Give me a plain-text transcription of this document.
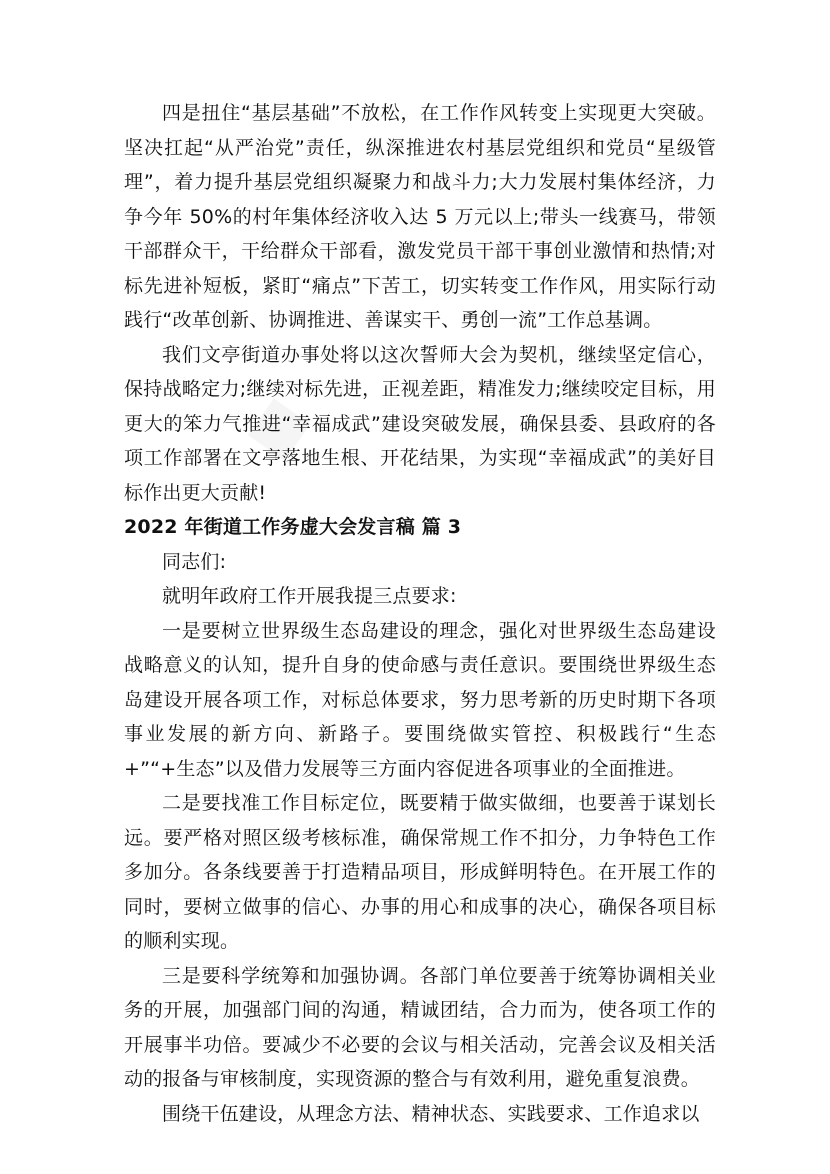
▪

四是扭住“基层基础”不放松，在工作作风转变上实现更大突破。坚决扛起“从严治党”责任，纵深推进农村基层党组织和党员“星级管理”，着力提升基层党组织凝聚力和战斗力;大力发展村集体经济，力争今年 50%的村年集体经济收入达 5 万元以上;带头一线赛马，带领干部群众干，干给群众干部看，激发党员干部干事创业激情和热情;对标先进补短板，紧盯“痛点”下苦工，切实转变工作作风，用实际行动践行“改革创新、协调推进、善谋实干、勇创一流”工作总基调。

我们文亭街道办事处将以这次誓师大会为契机，继续坚定信心，保持战略定力;继续对标先进，正视差距，精准发力;继续咬定目标，用更大的笨力气推进“幸福成武”建设突破发展，确保县委、县政府的各项工作部署在文亭落地生根、开花结果，为实现“幸福成武”的美好目标作出更大贡献!

2022 年街道工作务虚大会发言稿 篇 3

同志们:

就明年政府工作开展我提三点要求:

一是要树立世界级生态岛建设的理念，强化对世界级生态岛建设战略意义的认知，提升自身的使命感与责任意识。要围绕世界级生态岛建设开展各项工作，对标总体要求，努力思考新的历史时期下各项事业发展的新方向、新路子。要围绕做实管控、积极践行“生态+”“+生态”以及借力发展等三方面内容促进各项事业的全面推进。

二是要找准工作目标定位，既要精于做实做细，也要善于谋划长远。要严格对照区级考核标准，确保常规工作不扣分，力争特色工作多加分。各条线要善于打造精品项目，形成鲜明特色。在开展工作的同时，要树立做事的信心、办事的用心和成事的决心，确保各项目标的顺利实现。

三是要科学统筹和加强协调。各部门单位要善于统筹协调相关业务的开展，加强部门间的沟通，精诚团结，合力而为，使各项工作的开展事半功倍。要减少不必要的会议与相关活动，完善会议及相关活动的报备与审核制度，实现资源的整合与有效利用，避免重复浪费。

围绕干伍建设，从理念方法、精神状态、实践要求、工作追求以
